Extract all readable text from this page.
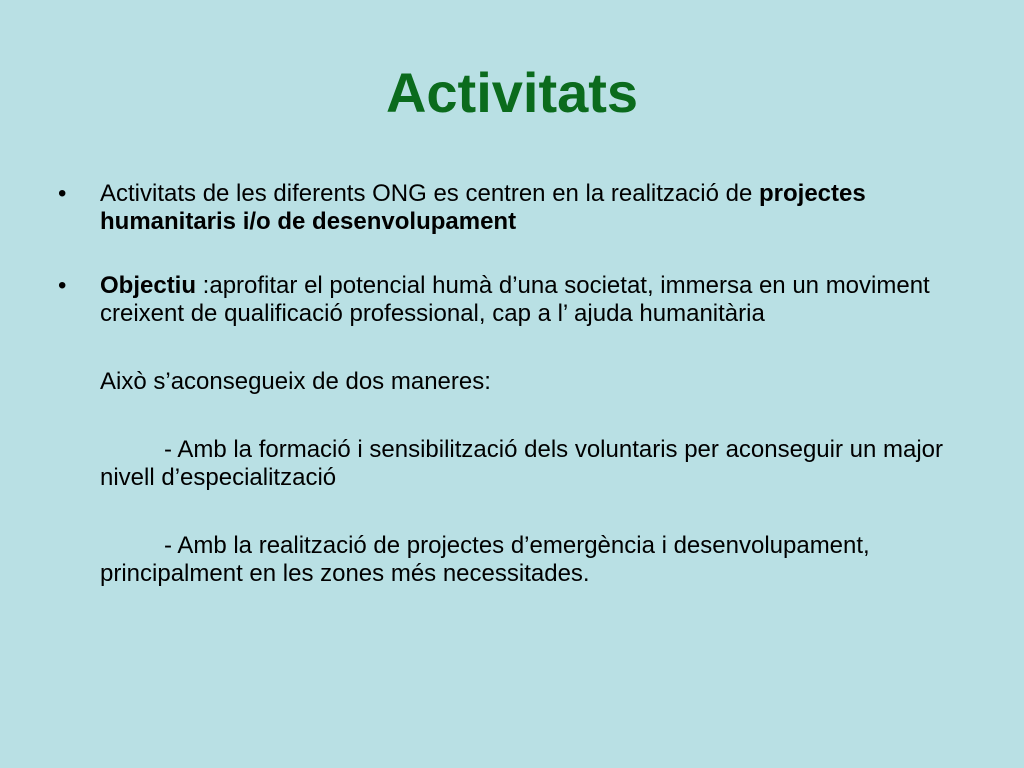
Activitats
•	Activitats de les diferents ONG es centren en la realització de projectes humanitaris i/o de desenvolupament
•	Objectiu :aprofitar el potencial humà d’una societat, immersa en un moviment creixent de qualificació professional, cap a l’ ajuda humanitària
Això s’aconsegueix de dos maneres:
- Amb la formació i sensibilització dels voluntaris per aconseguir un major nivell d’especialització
- Amb la realització de projectes d’emergència i desenvolupament, principalment en les zones més necessitades.
